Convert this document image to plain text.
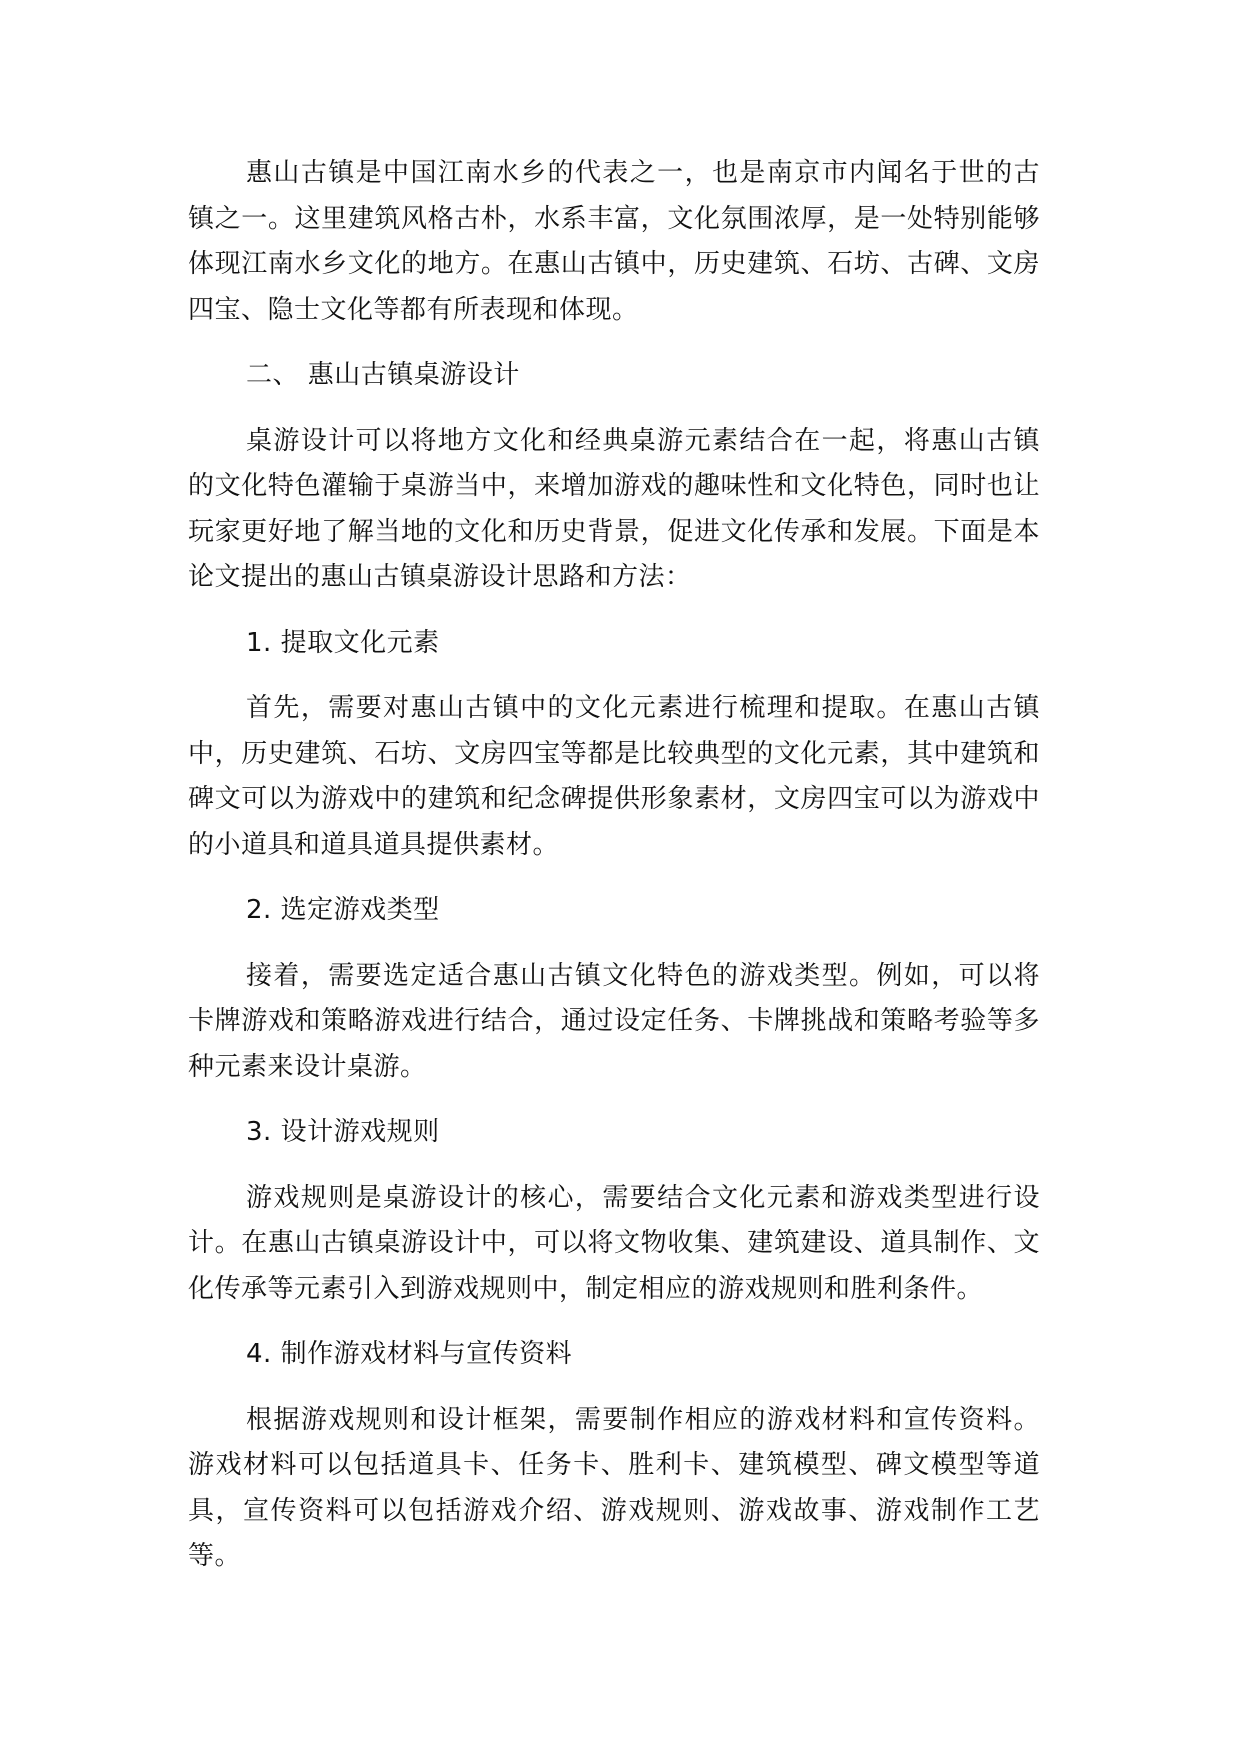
惠山古镇是中国江南水乡的代表之一，也是南京市内闻名于世的古镇之一。这里建筑风格古朴，水系丰富，文化氛围浓厚，是一处特别能够体现江南水乡文化的地方。在惠山古镇中，历史建筑、石坊、古碑、文房四宝、隐士文化等都有所表现和体现。

二、 惠山古镇桌游设计

桌游设计可以将地方文化和经典桌游元素结合在一起，将惠山古镇的文化特色灌输于桌游当中，来增加游戏的趣味性和文化特色，同时也让玩家更好地了解当地的文化和历史背景，促进文化传承和发展。下面是本论文提出的惠山古镇桌游设计思路和方法：

1. 提取文化元素

首先，需要对惠山古镇中的文化元素进行梳理和提取。在惠山古镇中，历史建筑、石坊、文房四宝等都是比较典型的文化元素，其中建筑和碑文可以为游戏中的建筑和纪念碑提供形象素材，文房四宝可以为游戏中的小道具和道具道具提供素材。

2. 选定游戏类型

接着，需要选定适合惠山古镇文化特色的游戏类型。例如，可以将卡牌游戏和策略游戏进行结合，通过设定任务、卡牌挑战和策略考验等多种元素来设计桌游。

3. 设计游戏规则

游戏规则是桌游设计的核心，需要结合文化元素和游戏类型进行设计。在惠山古镇桌游设计中，可以将文物收集、建筑建设、道具制作、文化传承等元素引入到游戏规则中，制定相应的游戏规则和胜利条件。

4. 制作游戏材料与宣传资料

根据游戏规则和设计框架，需要制作相应的游戏材料和宣传资料。游戏材料可以包括道具卡、任务卡、胜利卡、建筑模型、碑文模型等道具，宣传资料可以包括游戏介绍、游戏规则、游戏故事、游戏制作工艺等。
